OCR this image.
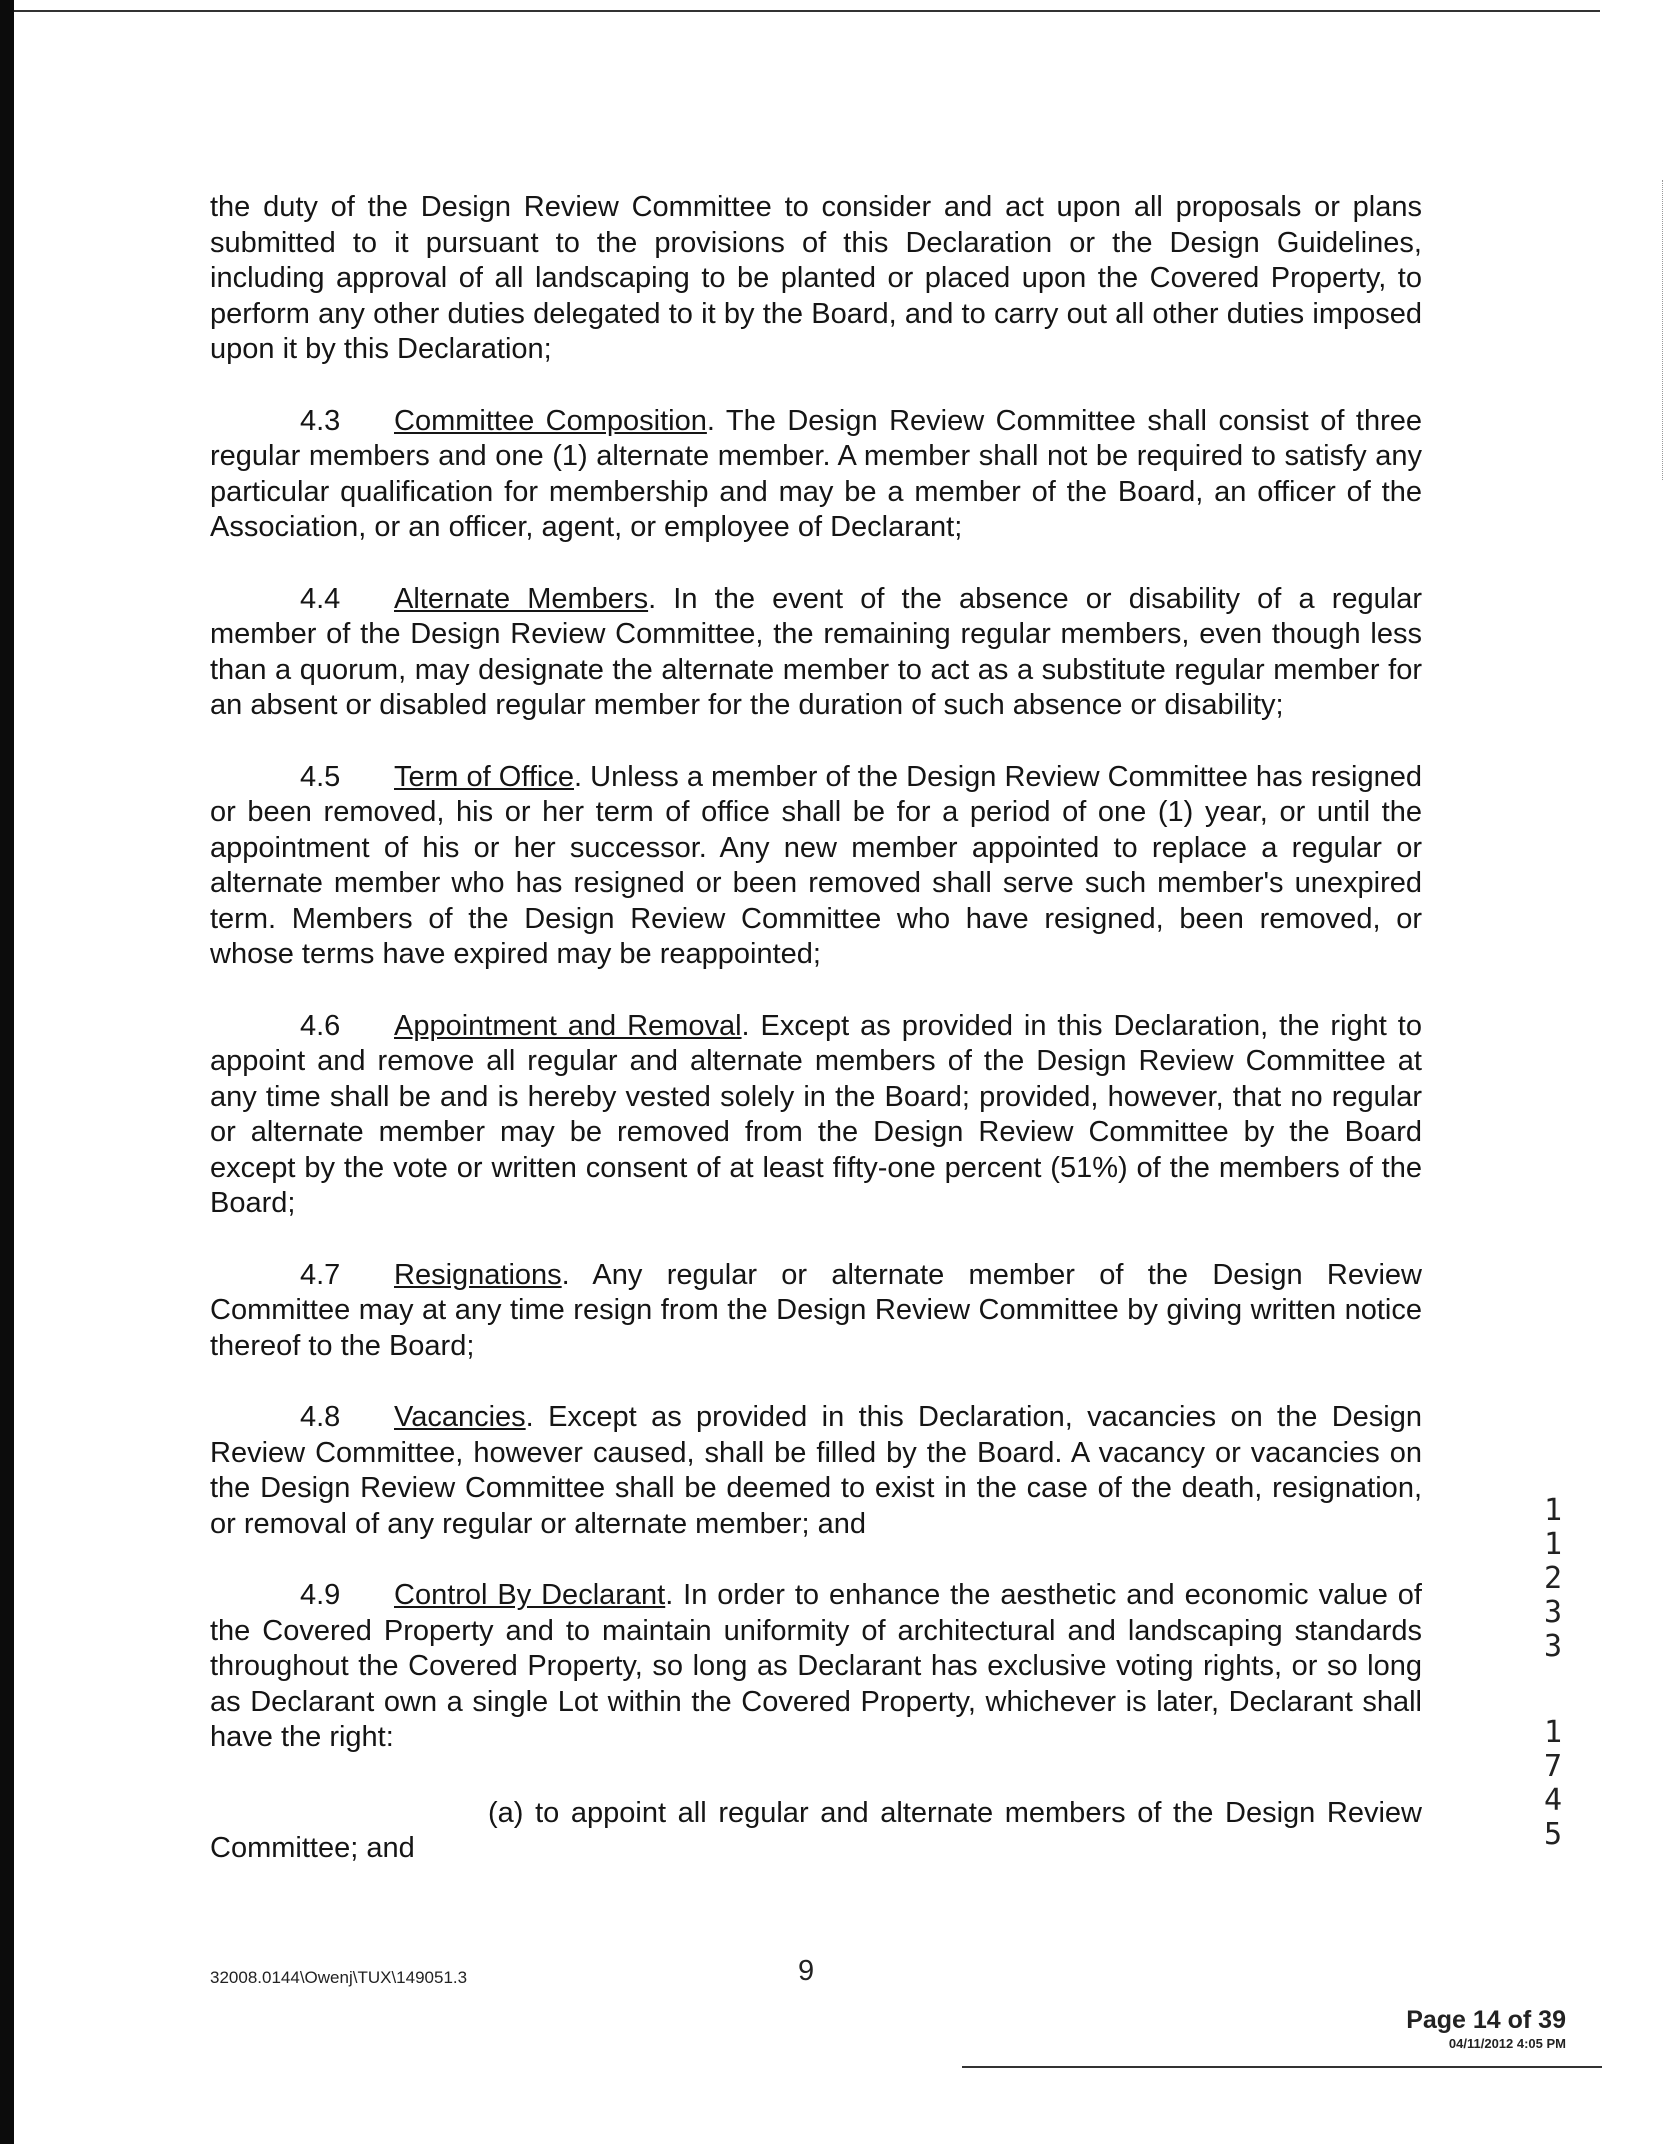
the duty of the Design Review Committee to consider and act upon all proposals or plans submitted to it pursuant to the provisions of this Declaration or the Design Guidelines, including approval of all landscaping to be planted or placed upon the Covered Property, to perform any other duties delegated to it by the Board, and to carry out all other duties imposed upon it by this Declaration;

4.3 Committee Composition. The Design Review Committee shall consist of three regular members and one (1) alternate member. A member shall not be required to satisfy any particular qualification for membership and may be a member of the Board, an officer of the Association, or an officer, agent, or employee of Declarant;

4.4 Alternate Members. In the event of the absence or disability of a regular member of the Design Review Committee, the remaining regular members, even though less than a quorum, may designate the alternate member to act as a substitute regular member for an absent or disabled regular member for the duration of such absence or disability;

4.5 Term of Office. Unless a member of the Design Review Committee has resigned or been removed, his or her term of office shall be for a period of one (1) year, or until the appointment of his or her successor. Any new member appointed to replace a regular or alternate member who has resigned or been removed shall serve such member's unexpired term. Members of the Design Review Committee who have resigned, been removed, or whose terms have expired may be reappointed;

4.6 Appointment and Removal. Except as provided in this Declaration, the right to appoint and remove all regular and alternate members of the Design Review Committee at any time shall be and is hereby vested solely in the Board; provided, however, that no regular or alternate member may be removed from the Design Review Committee by the Board except by the vote or written consent of at least fifty-one percent (51%) of the members of the Board;

4.7 Resignations. Any regular or alternate member of the Design Review Committee may at any time resign from the Design Review Committee by giving written notice thereof to the Board;

4.8 Vacancies. Except as provided in this Declaration, vacancies on the Design Review Committee, however caused, shall be filled by the Board. A vacancy or vacancies on the Design Review Committee shall be deemed to exist in the case of the death, resignation, or removal of any regular or alternate member; and

4.9 Control By Declarant. In order to enhance the aesthetic and economic value of the Covered Property and to maintain uniformity of architectural and landscaping standards throughout the Covered Property, so long as Declarant has exclusive voting rights, or so long as Declarant own a single Lot within the Covered Property, whichever is later, Declarant shall have the right:

(a) to appoint all regular and alternate members of the Design Review Committee; and

1
1
2
3
3
1
7
4
5
32008.0144\Owenj\TUX\149051.3	9
Page 14 of 39
04/11/2012 4:05 PM
